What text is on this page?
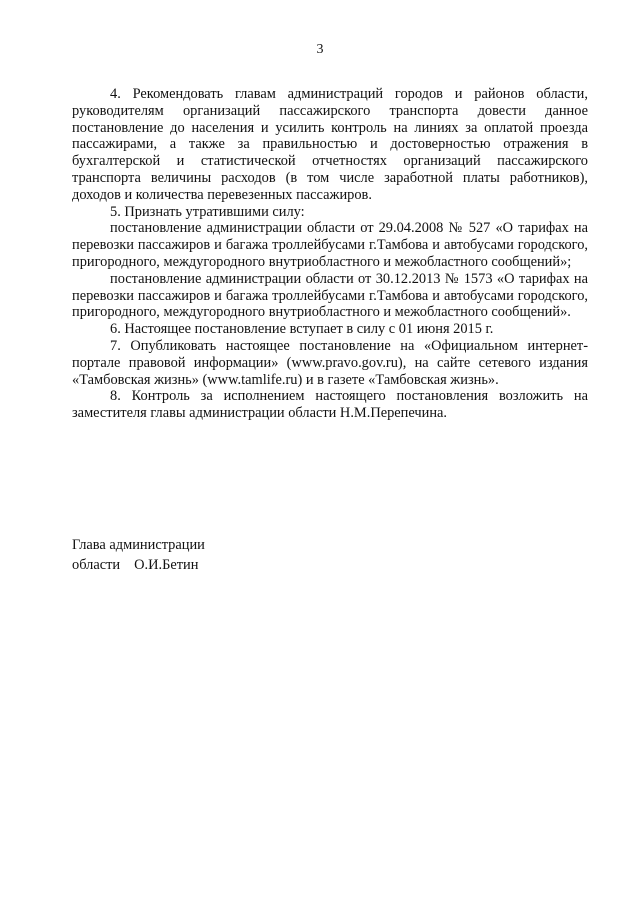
3

4. Рекомендовать главам администраций городов и районов области, руководителям организаций пассажирского транспорта довести данное постановление до населения и усилить контроль на линиях за оплатой проезда пассажирами, а также за правильностью и достоверностью отражения в бухгалтерской и статистической отчетностях организаций пассажирского транспорта величины расходов (в том числе заработной платы работников), доходов и количества перевезенных пассажиров.

5. Признать утратившими силу:

постановление администрации области от 29.04.2008 № 527 «О тарифах на перевозки пассажиров и багажа троллейбусами г.Тамбова и автобусами городского, пригородного, междугородного внутриобластного и межобластного сообщений»;

постановление администрации области от 30.12.2013 № 1573 «О тарифах на перевозки пассажиров и багажа троллейбусами г.Тамбова и автобусами городского, пригородного, междугородного внутриобластного и межобластного сообщений».

6. Настоящее постановление вступает в силу с 01 июня 2015 г.

7. Опубликовать настоящее постановление на «Официальном интернет-портале правовой информации» (www.pravo.gov.ru), на сайте сетевого издания «Тамбовская жизнь» (www.tamlife.ru) и в газете «Тамбовская жизнь».

8. Контроль за исполнением настоящего постановления возложить на заместителя главы администрации области Н.М.Перепечина.

Глава администрации
области О.И.Бетин
